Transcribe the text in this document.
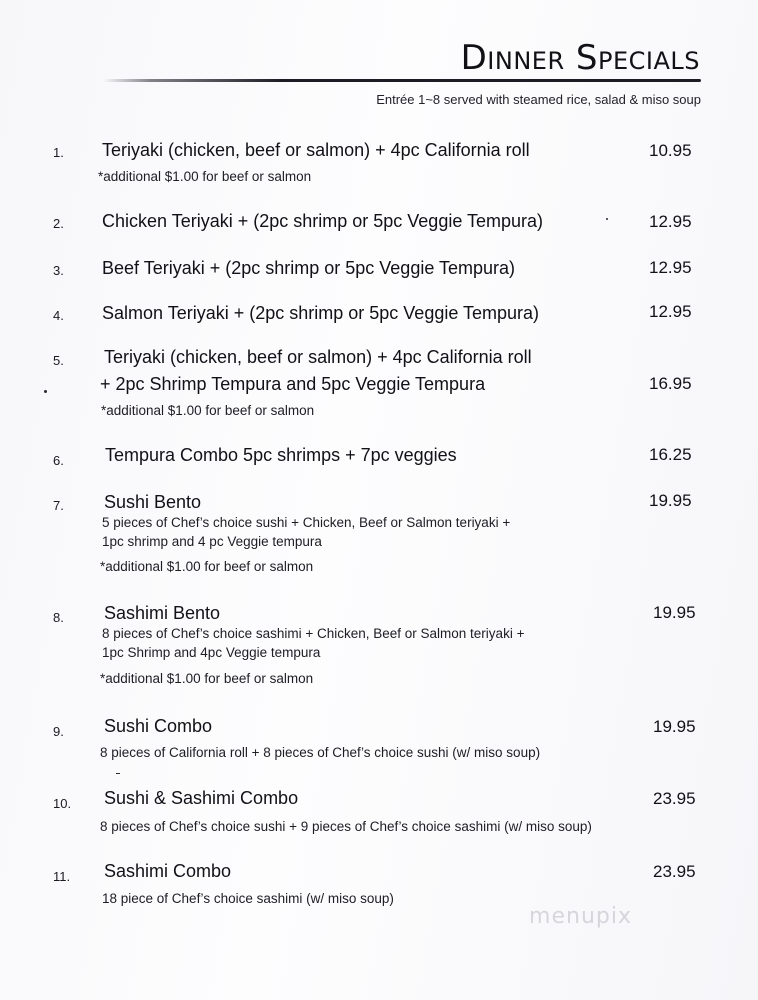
Dinner Specials
Entrée 1~8 served with steamed rice, salad & miso soup
1. Teriyaki (chicken, beef or salmon) + 4pc California roll	10.95
*additional $1.00 for beef or salmon
2. Chicken Teriyaki + (2pc shrimp or 5pc Veggie Tempura)	12.95
3. Beef Teriyaki + (2pc shrimp or 5pc Veggie Tempura)	12.95
4. Salmon Teriyaki + (2pc shrimp or 5pc Veggie Tempura)	12.95
5. Teriyaki (chicken, beef or salmon) + 4pc California roll
+ 2pc Shrimp Tempura and 5pc Veggie Tempura	16.95
*additional $1.00 for beef or salmon
6. Tempura Combo 5pc shrimps + 7pc veggies	16.25
7. Sushi Bento	19.95
5 pieces of Chef’s choice sushi + Chicken, Beef or Salmon teriyaki +
1pc shrimp and 4 pc Veggie tempura
*additional $1.00 for beef or salmon
8. Sashimi Bento	19.95
8 pieces of Chef’s choice sashimi + Chicken, Beef or Salmon teriyaki +
1pc Shrimp and 4pc Veggie tempura
*additional $1.00 for beef or salmon
9. Sushi Combo	19.95
8 pieces of California roll + 8 pieces of Chef’s choice sushi (w/ miso soup)
10. Sushi & Sashimi Combo	23.95
8 pieces of Chef’s choice sushi + 9 pieces of Chef’s choice sashimi (w/ miso soup)
11. Sashimi Combo	23.95
18 piece of Chef’s choice sashimi (w/ miso soup)
menupix
